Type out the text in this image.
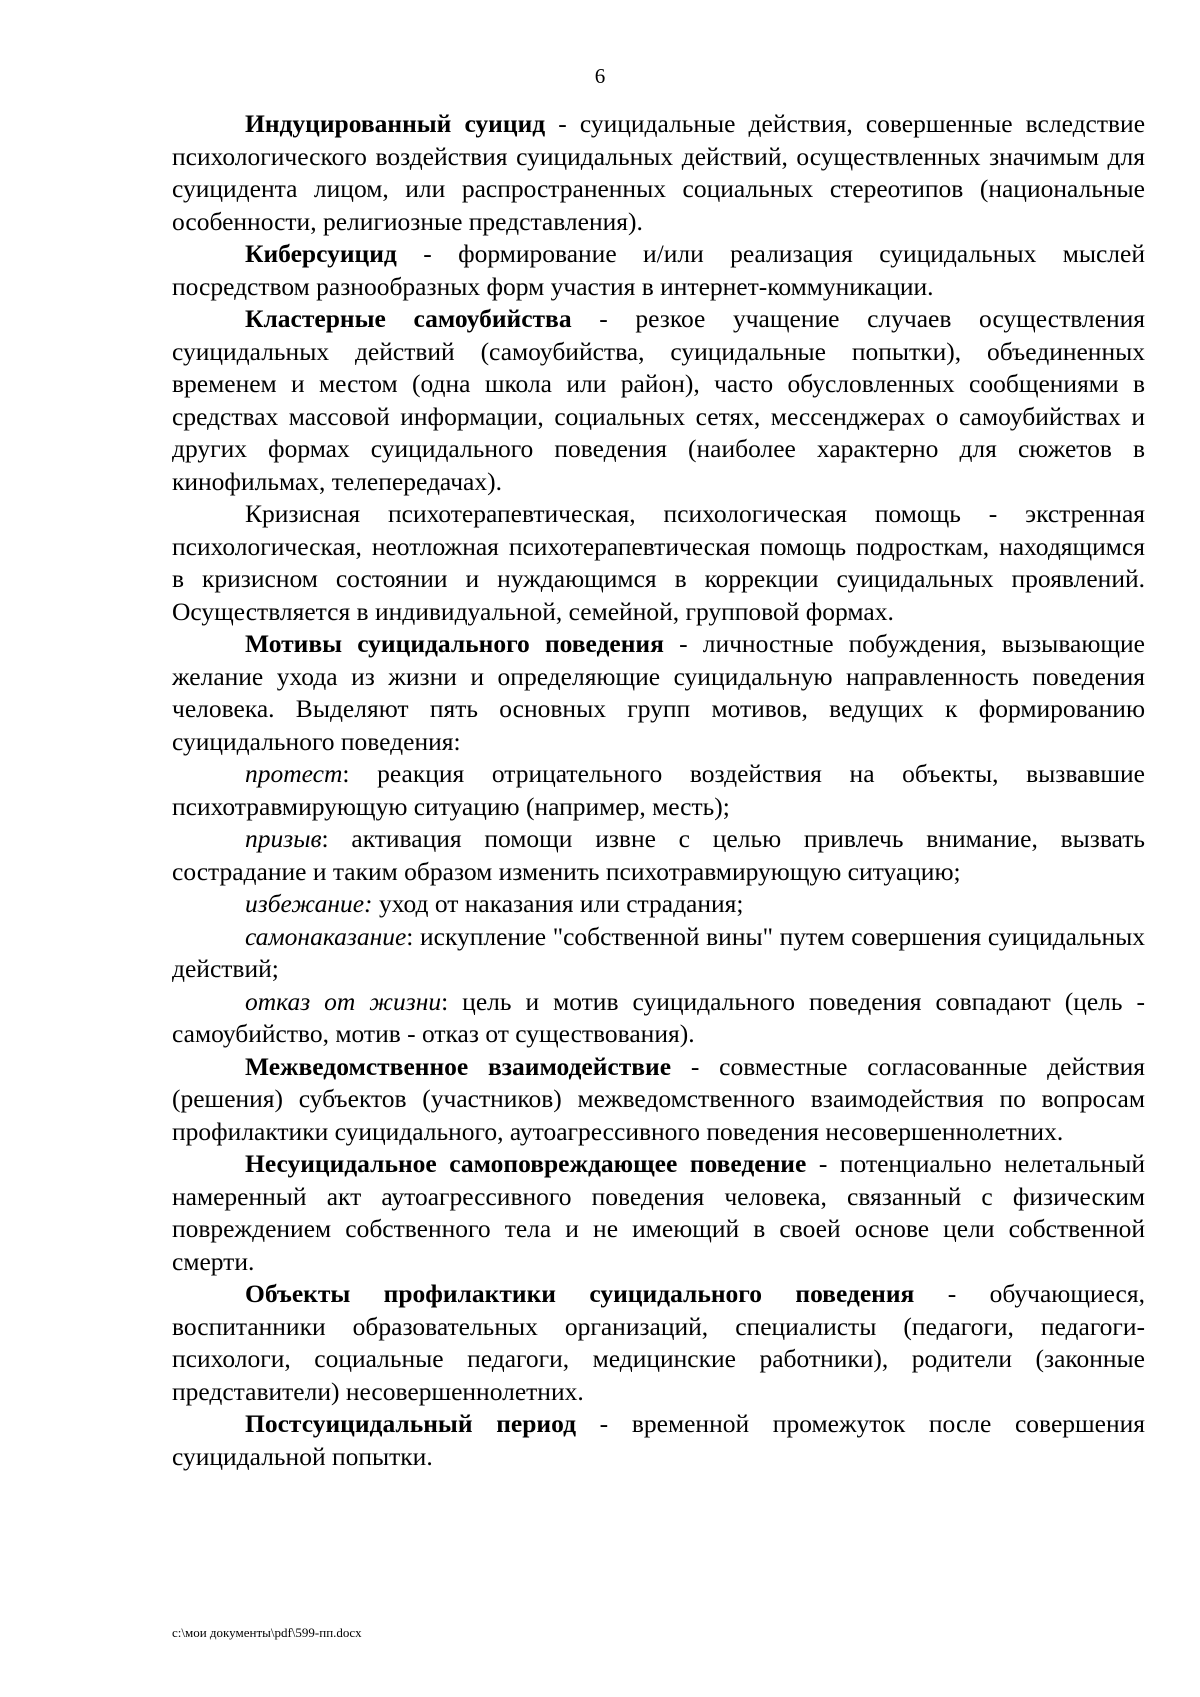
6

Индуцированный суицид - суицидальные действия, совершенные вследствие психологического воздействия суицидальных действий, осуществленных значимым для суицидента лицом, или распространенных социальных стереотипов (национальные особенности, религиозные представления).

Киберсуицид - формирование и/или реализация суицидальных мыслей посредством разнообразных форм участия в интернет-коммуникации.

Кластерные самоубийства - резкое учащение случаев осуществления суицидальных действий (самоубийства, суицидальные попытки), объединенных временем и местом (одна школа или район), часто обусловленных сообщениями в средствах массовой информации, социальных сетях, мессенджерах о самоубийствах и других формах суицидального поведения (наиболее характерно для сюжетов в кинофильмах, телепередачах).

Кризисная психотерапевтическая, психологическая помощь - экстренная психологическая, неотложная психотерапевтическая помощь подросткам, находящимся в кризисном состоянии и нуждающимся в коррекции суицидальных проявлений. Осуществляется в индивидуальной, семейной, групповой формах.

Мотивы суицидального поведения - личностные побуждения, вызывающие желание ухода из жизни и определяющие суицидальную направленность поведения человека. Выделяют пять основных групп мотивов, ведущих к формированию суицидального поведения:

протест: реакция отрицательного воздействия на объекты, вызвавшие психотравмирующую ситуацию (например, месть);

призыв: активация помощи извне с целью привлечь внимание, вызвать сострадание и таким образом изменить психотравмирующую ситуацию;

избежание: уход от наказания или страдания;

самонаказание: искупление "собственной вины" путем совершения суицидальных действий;

отказ от жизни: цель и мотив суицидального поведения совпадают (цель - самоубийство, мотив - отказ от существования).

Межведомственное взаимодействие - совместные согласованные действия (решения) субъектов (участников) межведомственного взаимодействия по вопросам профилактики суицидального, аутоагрессивного поведения несовершеннолетних.

Несуицидальное самоповреждающее поведение - потенциально нелетальный намеренный акт аутоагрессивного поведения человека, связанный с физическим повреждением собственного тела и не имеющий в своей основе цели собственной смерти.

Объекты профилактики суицидального поведения - обучающиеся, воспитанники образовательных организаций, специалисты (педагоги, педагоги-психологи, социальные педагоги, медицинские работники), родители (законные представители) несовершеннолетних.

Постсуицидальный период - временной промежуток после совершения суицидальной попытки.

c:\мои документы\pdf\599-пп.docx
